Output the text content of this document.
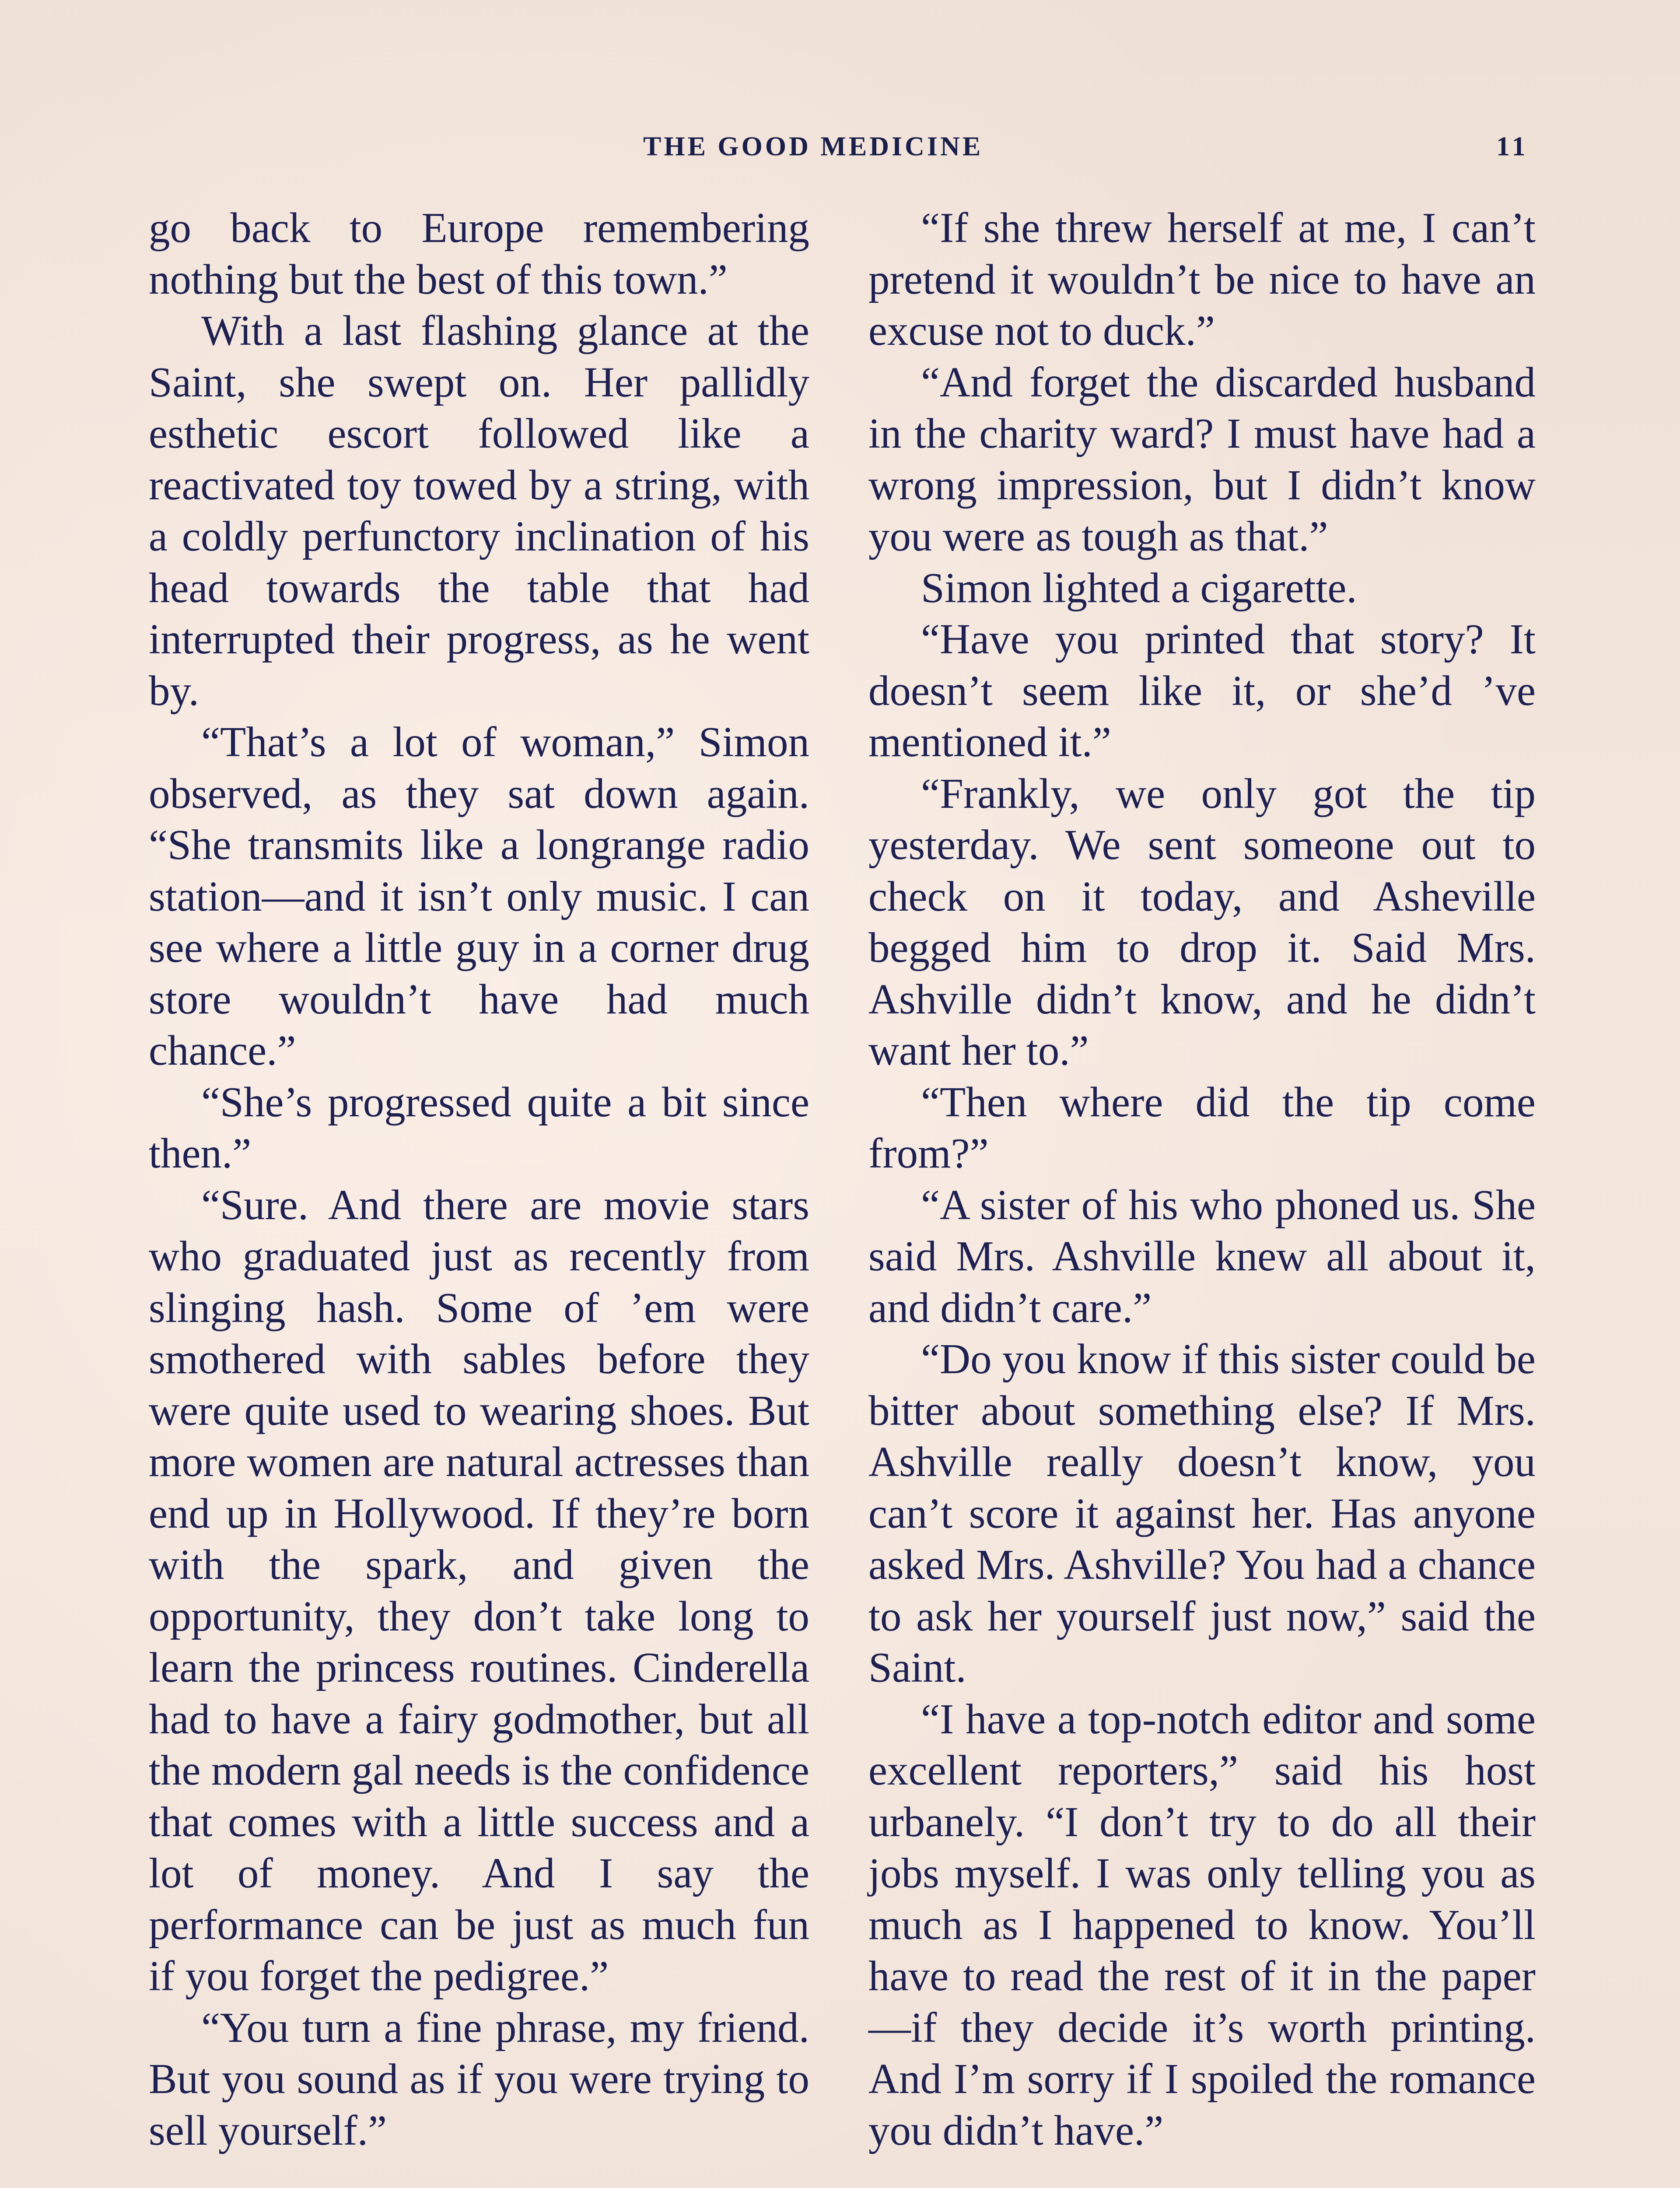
THE GOOD MEDICINE	11

go back to Europe remembering nothing but the best of this town.”

With a last flashing glance at the Saint, she swept on. Her pallidly esthetic escort followed like a reactivated toy towed by a string, with a coldly perfunctory inclination of his head towards the table that had interrupted their progress, as he went by.

“That’s a lot of woman,” Simon observed, as they sat down again. “She transmits like a longrange radio station—and it isn’t only music. I can see where a little guy in a corner drug store wouldn’t have had much chance.”

“She’s progressed quite a bit since then.”

“Sure. And there are movie stars who graduated just as recently from slinging hash. Some of ’em were smothered with sables before they were quite used to wearing shoes. But more women are natural actresses than end up in Hollywood. If they’re born with the spark, and given the opportunity, they don’t take long to learn the princess routines. Cinderella had to have a fairy godmother, but all the modern gal needs is the confidence that comes with a little success and a lot of money. And I say the performance can be just as much fun if you forget the pedigree.”

“You turn a fine phrase, my friend. But you sound as if you were trying to sell yourself.”

“If she threw herself at me, I can’t pretend it wouldn’t be nice to have an excuse not to duck.”

“And forget the discarded husband in the charity ward? I must have had a wrong impression, but I didn’t know you were as tough as that.”

Simon lighted a cigarette.

“Have you printed that story? It doesn’t seem like it, or she’d ’ve mentioned it.”

“Frankly, we only got the tip yesterday. We sent someone out to check on it today, and Asheville begged him to drop it. Said Mrs. Ashville didn’t know, and he didn’t want her to.”

“Then where did the tip come from?”

“A sister of his who phoned us. She said Mrs. Ashville knew all about it, and didn’t care.”

“Do you know if this sister could be bitter about something else? If Mrs. Ashville really doesn’t know, you can’t score it against her. Has anyone asked Mrs. Ashville? You had a chance to ask her yourself just now,” said the Saint.

“I have a top-notch editor and some excellent reporters,” said his host urbanely. “I don’t try to do all their jobs myself. I was only telling you as much as I happened to know. You’ll have to read the rest of it in the paper —if they decide it’s worth printing. And I’m sorry if I spoiled the romance you didn’t have.”
